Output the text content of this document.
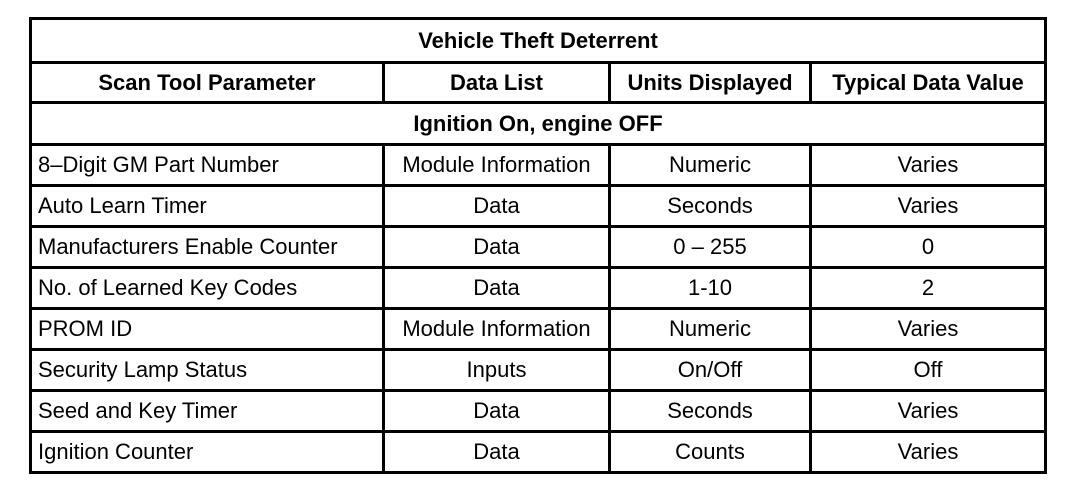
Vehicle Theft Deterrent			
Scan Tool Parameter	Data List	Units Displayed	Typical Data Value
Ignition On, engine OFF			
8–Digit GM Part Number	Module Information	Numeric	Varies
Auto Learn Timer	Data	Seconds	Varies
Manufacturers Enable Counter	Data	0 – 255	0
No. of Learned Key Codes	Data	1-10	2
PROM ID	Module Information	Numeric	Varies
Security Lamp Status	Inputs	On/Off	Off
Seed and Key Timer	Data	Seconds	Varies
Ignition Counter	Data	Counts	Varies
